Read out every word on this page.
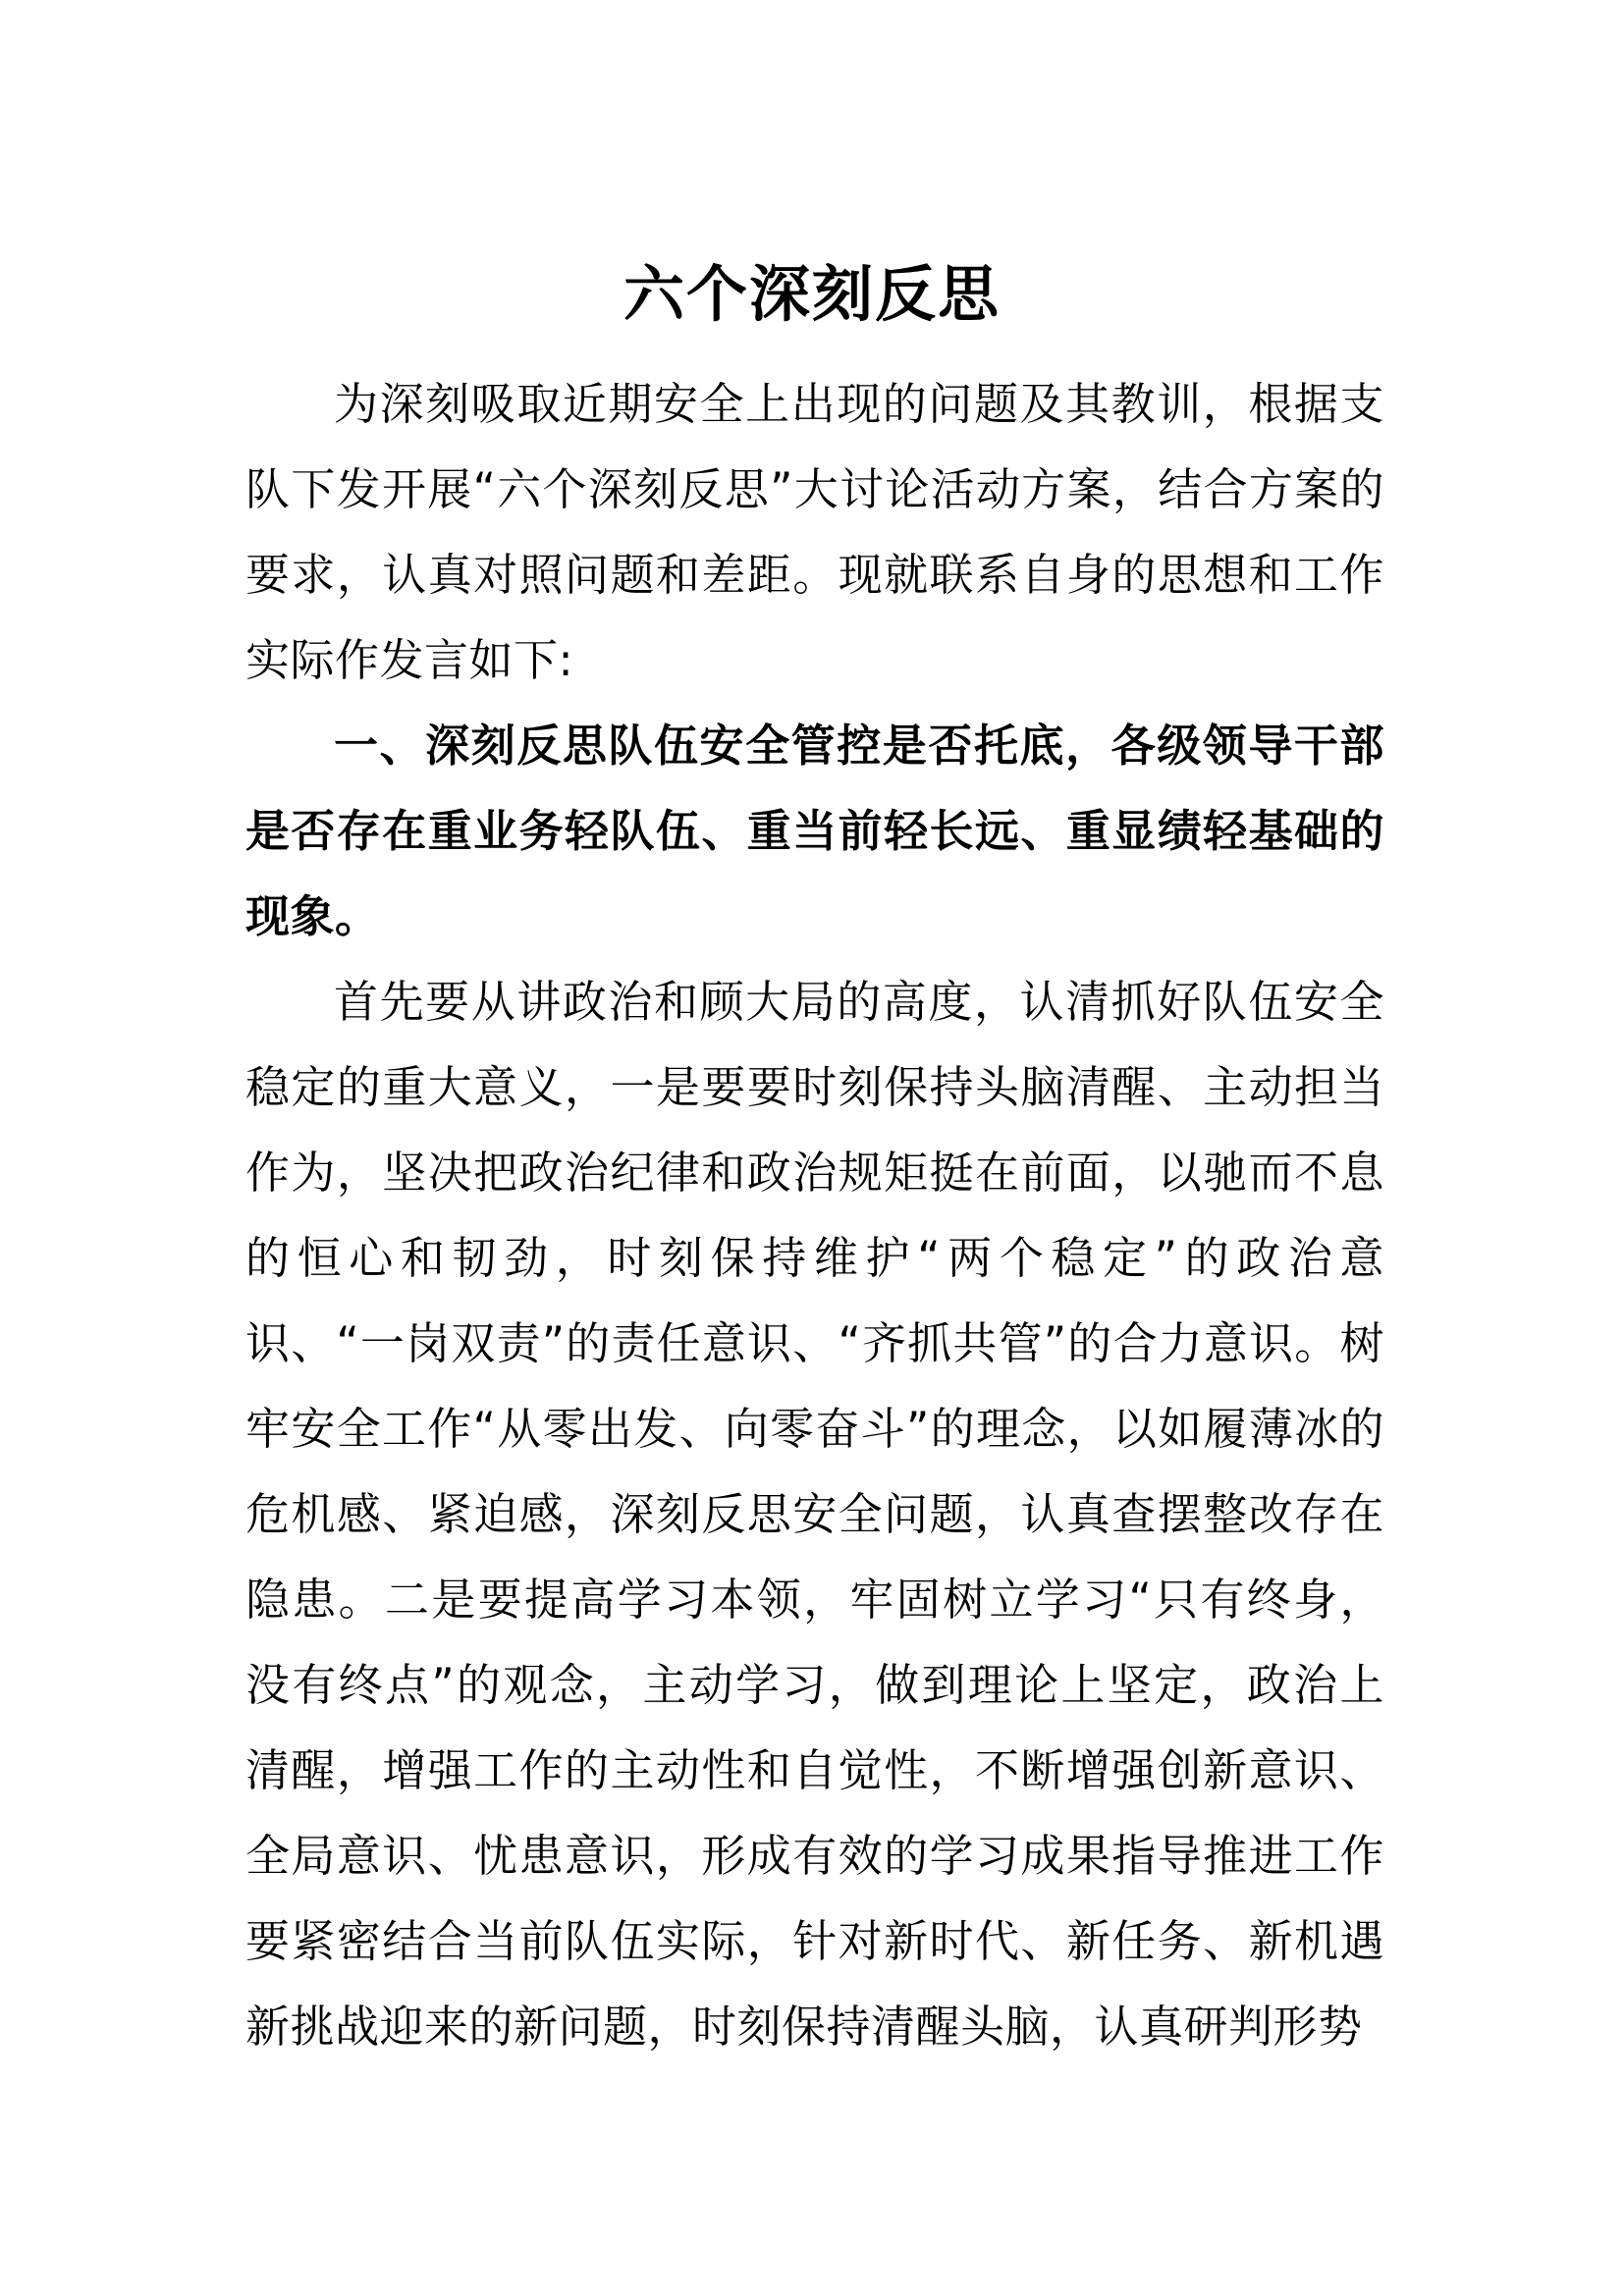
六个深刻反思

为深刻吸取近期安全上出现的问题及其教训，根据支队下发开展“六个深刻反思”大讨论活动方案，结合方案的要求，认真对照问题和差距。现就联系自身的思想和工作实际作发言如下:

一、深刻反思队伍安全管控是否托底，各级领导干部是否存在重业务轻队伍、重当前轻长远、重显绩轻基础的现象。

首先要从讲政治和顾大局的高度，认清抓好队伍安全稳定的重大意义，一是要要时刻保持头脑清醒、主动担当作为，坚决把政治纪律和政治规矩挺在前面，以驰而不息的恒心和韧劲，时刻保持维护“两个稳定”的政治意识、“一岗双责”的责任意识、“齐抓共管”的合力意识。树牢安全工作“从零出发、向零奋斗”的理念，以如履薄冰的危机感、紧迫感，深刻反思安全问题，认真查摆整改存在隐患。二是要提高学习本领，牢固树立学习“只有终身，没有终点”的观念，主动学习，做到理论上坚定，政治上清醒，增强工作的主动性和自觉性，不断增强创新意识、全局意识、忧患意识，形成有效的学习成果指导推进工作要紧密结合当前队伍实际，针对新时代、新任务、新机遇新挑战迎来的新问题，时刻保持清醒头脑，认真研判形势
